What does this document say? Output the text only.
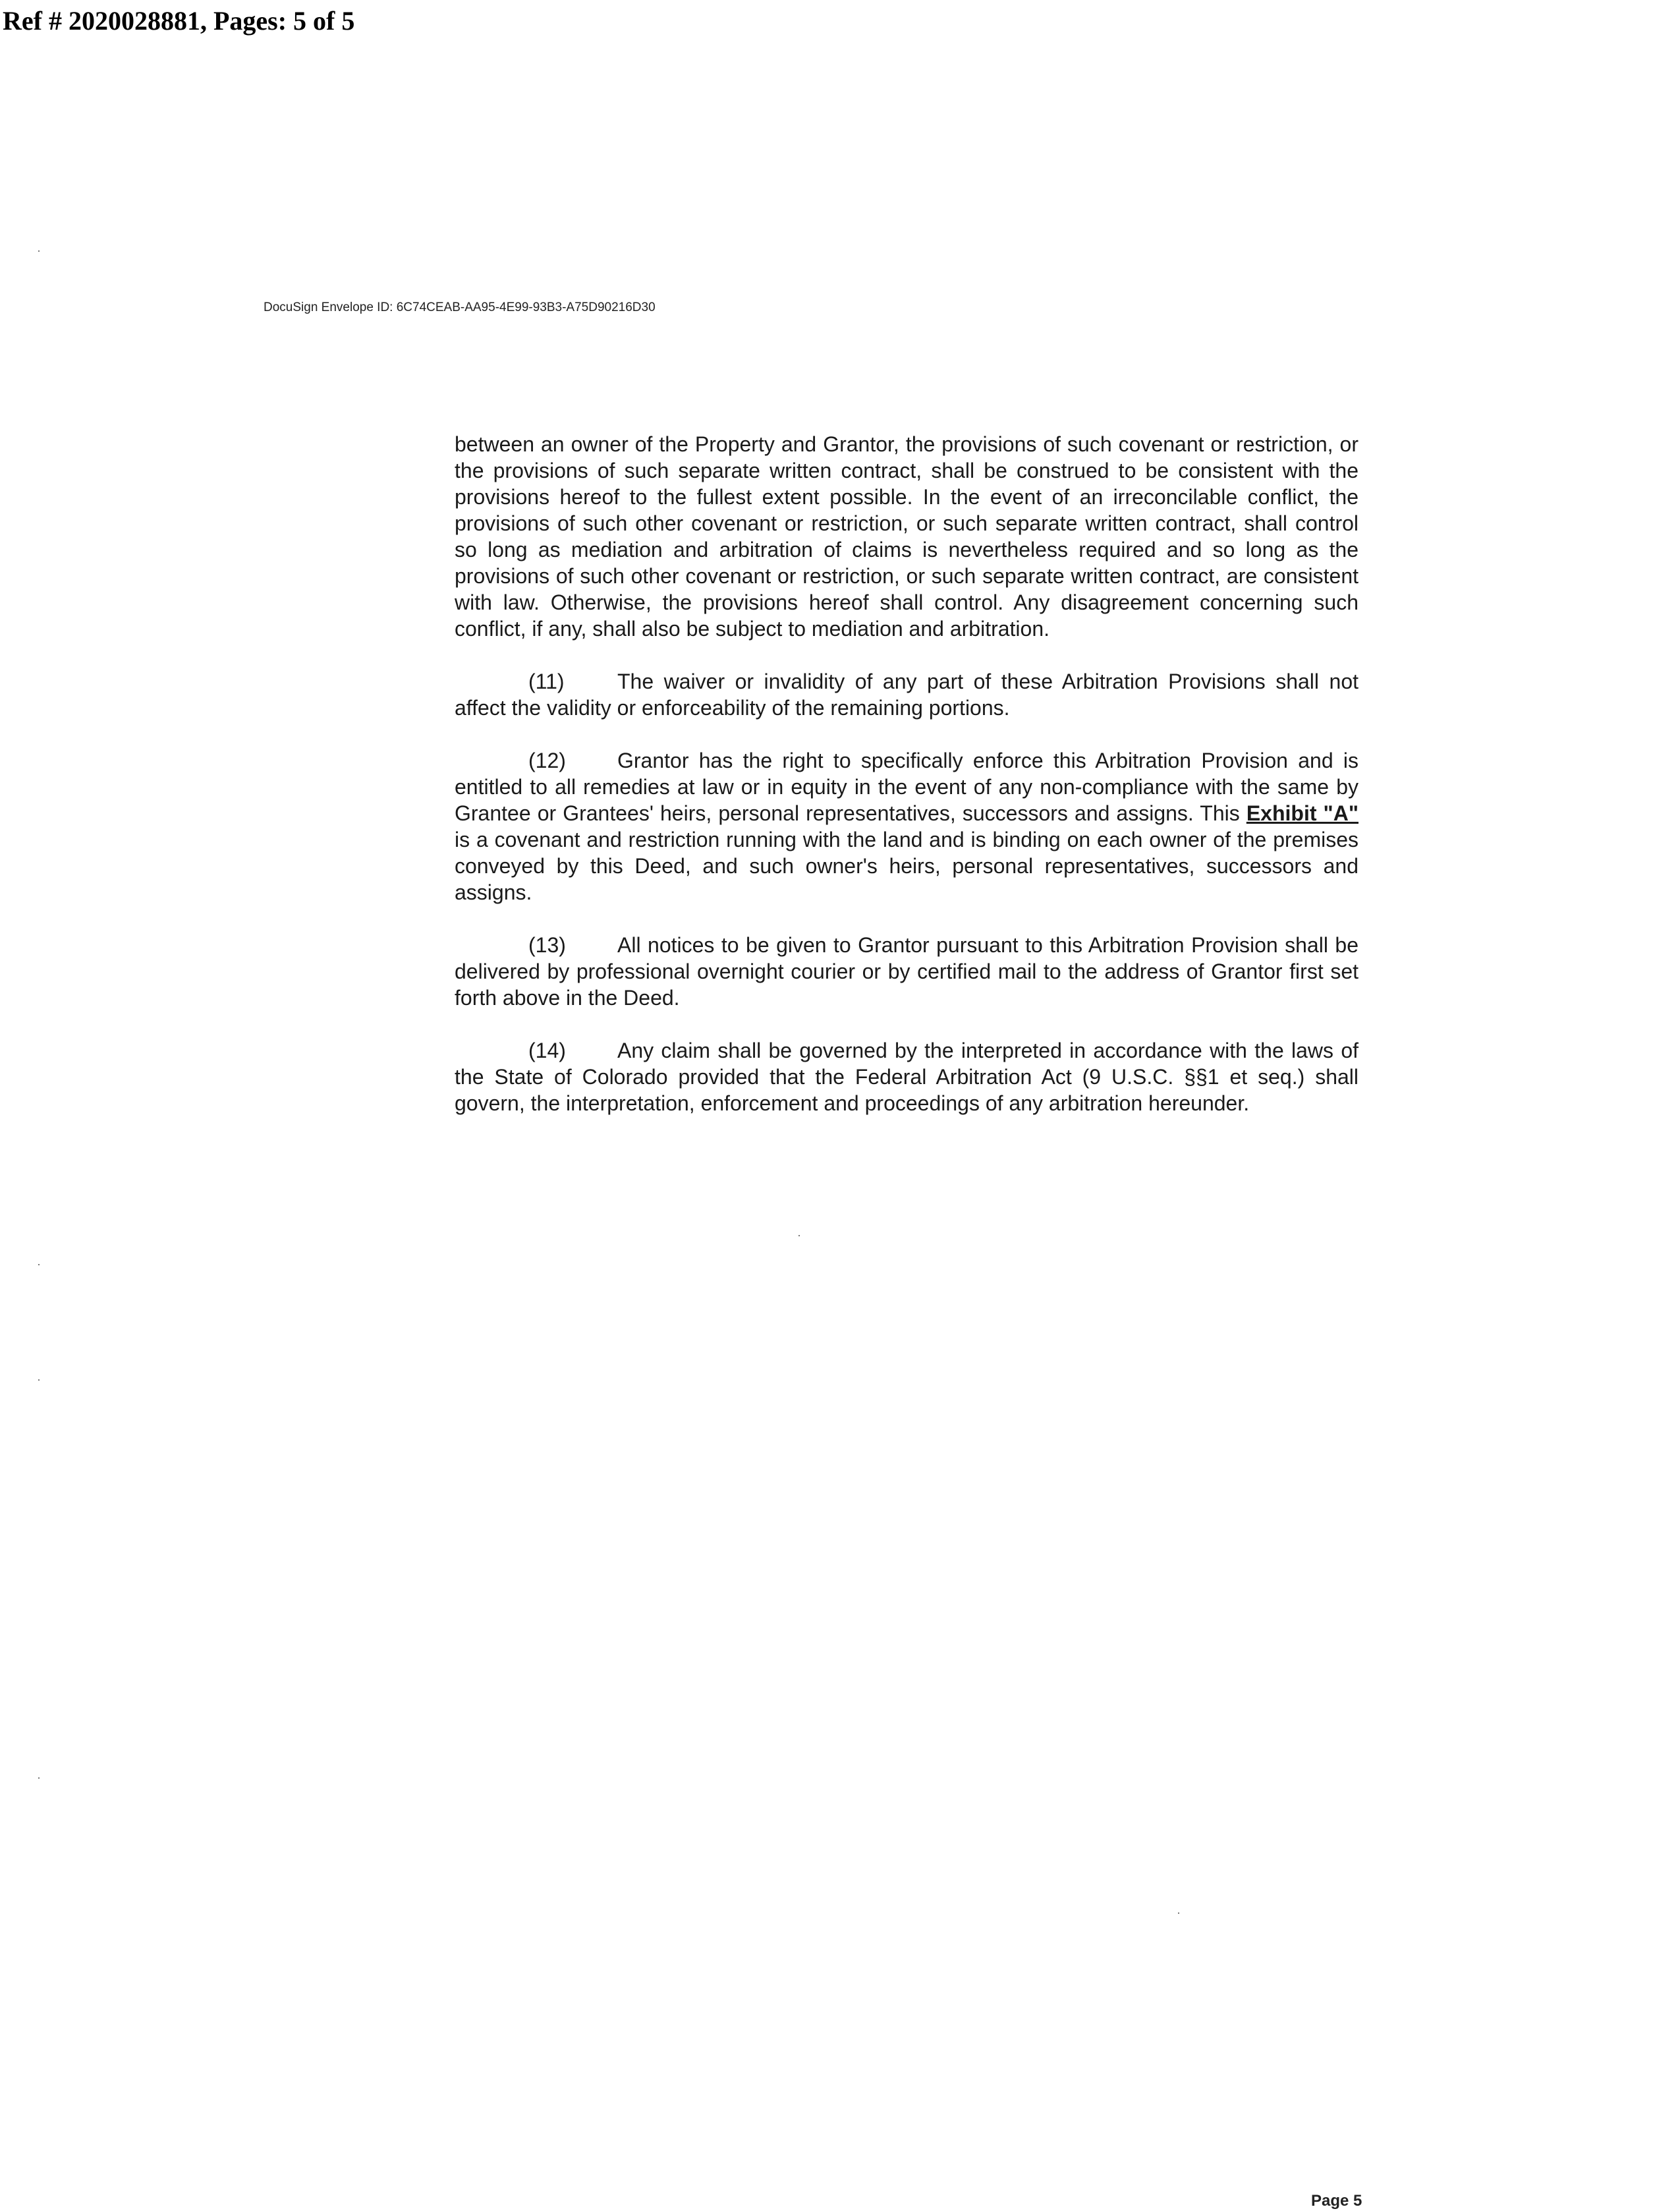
Ref # 2020028881, Pages: 5 of 5
DocuSign Envelope ID: 6C74CEAB-AA95-4E99-93B3-A75D90216D30

between an owner of the Property and Grantor, the provisions of such covenant or restriction, or the provisions of such separate written contract, shall be construed to be consistent with the provisions hereof to the fullest extent possible. In the event of an irreconcilable conflict, the provisions of such other covenant or restriction, or such separate written contract, shall control so long as mediation and arbitration of claims is nevertheless required and so long as the provisions of such other covenant or restriction, or such separate written contract, are consistent with law. Otherwise, the provisions hereof shall control. Any disagreement concerning such conflict, if any, shall also be subject to mediation and arbitration.

(11)	The waiver or invalidity of any part of these Arbitration Provisions shall not affect the validity or enforceability of the remaining portions.

(12) Grantor has the right to specifically enforce this Arbitration Provision and is entitled to all remedies at law or in equity in the event of any non-compliance with the same by Grantee or Grantees' heirs, personal representatives, successors and assigns. This Exhibit "A" is a covenant and restriction running with the land and is binding on each owner of the premises conveyed by this Deed, and such owner's heirs, personal representatives, successors and assigns.

(13) All notices to be given to Grantor pursuant to this Arbitration Provision shall be delivered by professional overnight courier or by certified mail to the address of Grantor first set forth above in the Deed.

(14) Any claim shall be governed by the interpreted in accordance with the laws of the State of Colorado provided that the Federal Arbitration Act (9 U.S.C. §§1 et seq.) shall govern, the interpretation, enforcement and proceedings of any arbitration hereunder.

Page 5
